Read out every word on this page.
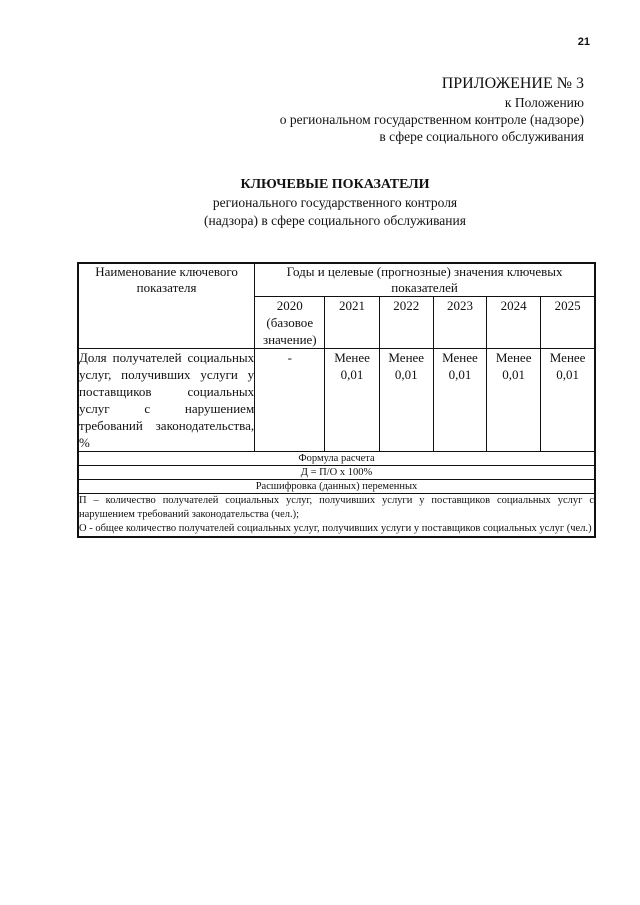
21
ПРИЛОЖЕНИЕ № 3
к Положению
о региональном государственном контроле (надзоре)
в сфере социального обслуживания
КЛЮЧЕВЫЕ ПОКАЗАТЕЛИ
регионального государственного контроля
(надзора) в сфере социального обслуживания
Наименование ключевого показателя	Годы и целевые (прогнозные) значения ключевых показателей					
	2020 (базовое значение)	2021	2022	2023	2024	2025
Доля получателей социальных услуг, получивших услуги у поставщиков социальных услуг с нарушением требований законодательства, %	-	Менее 0,01	Менее 0,01	Менее 0,01	Менее 0,01	Менее 0,01
Формула расчета						
Д = П/О х 100%						
Расшифровка (данных) переменных						

П – количество получателей социальных услуг, получивших услуги у поставщиков социальных услуг с нарушением требований законодательства (чел.);
О - общее количество получателей социальных услуг, получивших услуги у поставщиков социальных услуг (чел.)						
